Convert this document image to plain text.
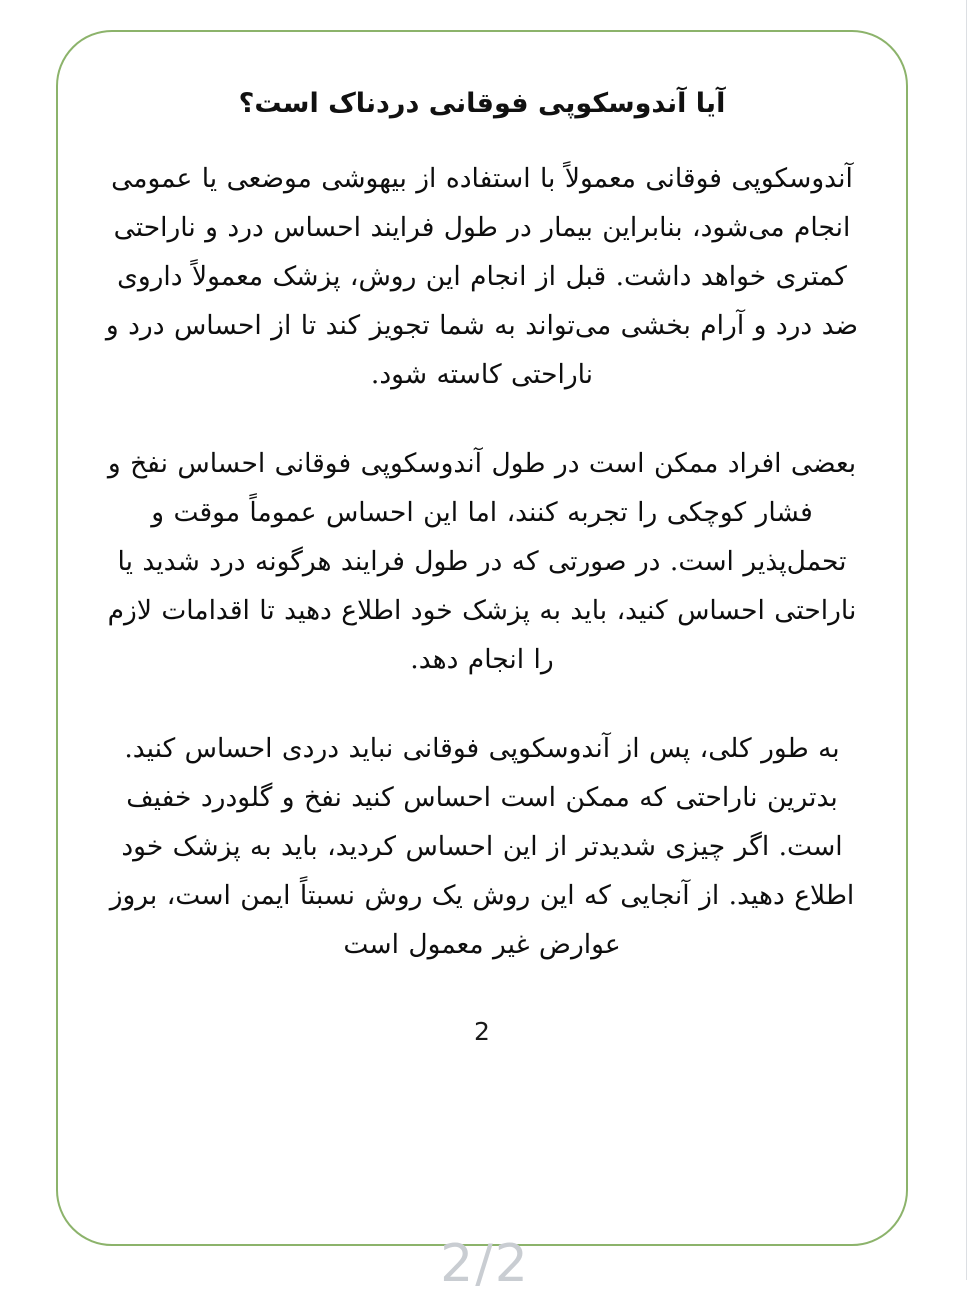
آیا آندوسکوپی فوقانی دردناک است؟

آندوسکوپی فوقانی معمولاً با استفاده از بیهوشی موضعی یا عمومی انجام می‌شود، بنابراین بیمار در طول فرایند احساس درد و ناراحتی کمتری خواهد داشت. قبل از انجام این روش، پزشک معمولاً داروی ضد درد و آرام بخشی می‌تواند به شما تجویز کند تا از احساس درد و ناراحتی کاسته شود.

بعضی افراد ممکن است در طول آندوسکوپی فوقانی احساس نفخ و فشار کوچکی را تجربه کنند، اما این احساس عموماً موقت و تحمل‌پذیر است. در صورتی که در طول فرایند هرگونه درد شدید یا ناراحتی احساس کنید، باید به پزشک خود اطلاع دهید تا اقدامات لازم را انجام دهد.

به طور کلی، پس از آندوسکوپی فوقانی نباید دردی احساس کنید. بدترین ناراحتی که ممکن است احساس کنید نفخ و گلودرد خفیف است. اگر چیزی شدیدتر از این احساس کردید، باید به پزشک خود اطلاع دهید. از آنجایی که این روش یک روش نسبتاً ایمن است، بروز عوارض غیر معمول است

2
2/2
